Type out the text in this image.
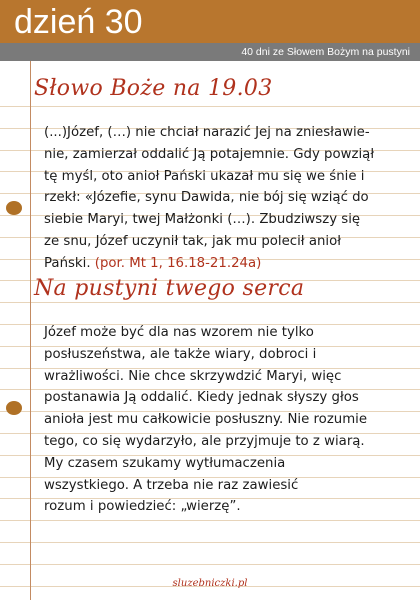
dzień 30
40 dni ze Słowem Bożym na pustyni
Słowo Boże na 19.03
(...)Józef, (…) nie chciał narazić Jej na zniesławie-
nie, zamierzał oddalić Ją potajemnie. Gdy powziął
tę myśl, oto anioł Pański ukazał mu się we śnie i
rzekł: «Józefie, synu Dawida, nie bój się wziąć do
siebie Maryi, twej Małżonki (…). Zbudziwszy się
ze snu, Józef uczynił tak, jak mu polecił anioł
Pański. (por. Mt 1, 16.18-21.24a)
Na pustyni twego serca
Józef może być dla nas wzorem nie tylko
posłuszeństwa, ale także wiary, dobroci i
wrażliwości. Nie chce skrzywdzić Maryi, więc
postanawia Ją oddalić. Kiedy jednak słyszy głos
anioła jest mu całkowicie posłuszny. Nie rozumie
tego, co się wydarzyło, ale przyjmuje to z wiarą.
My czasem szukamy wytłumaczenia
wszystkiego. A trzeba nie raz zawiesić
rozum i powiedzieć: „wierzę”.
sluzebniczki.pl
